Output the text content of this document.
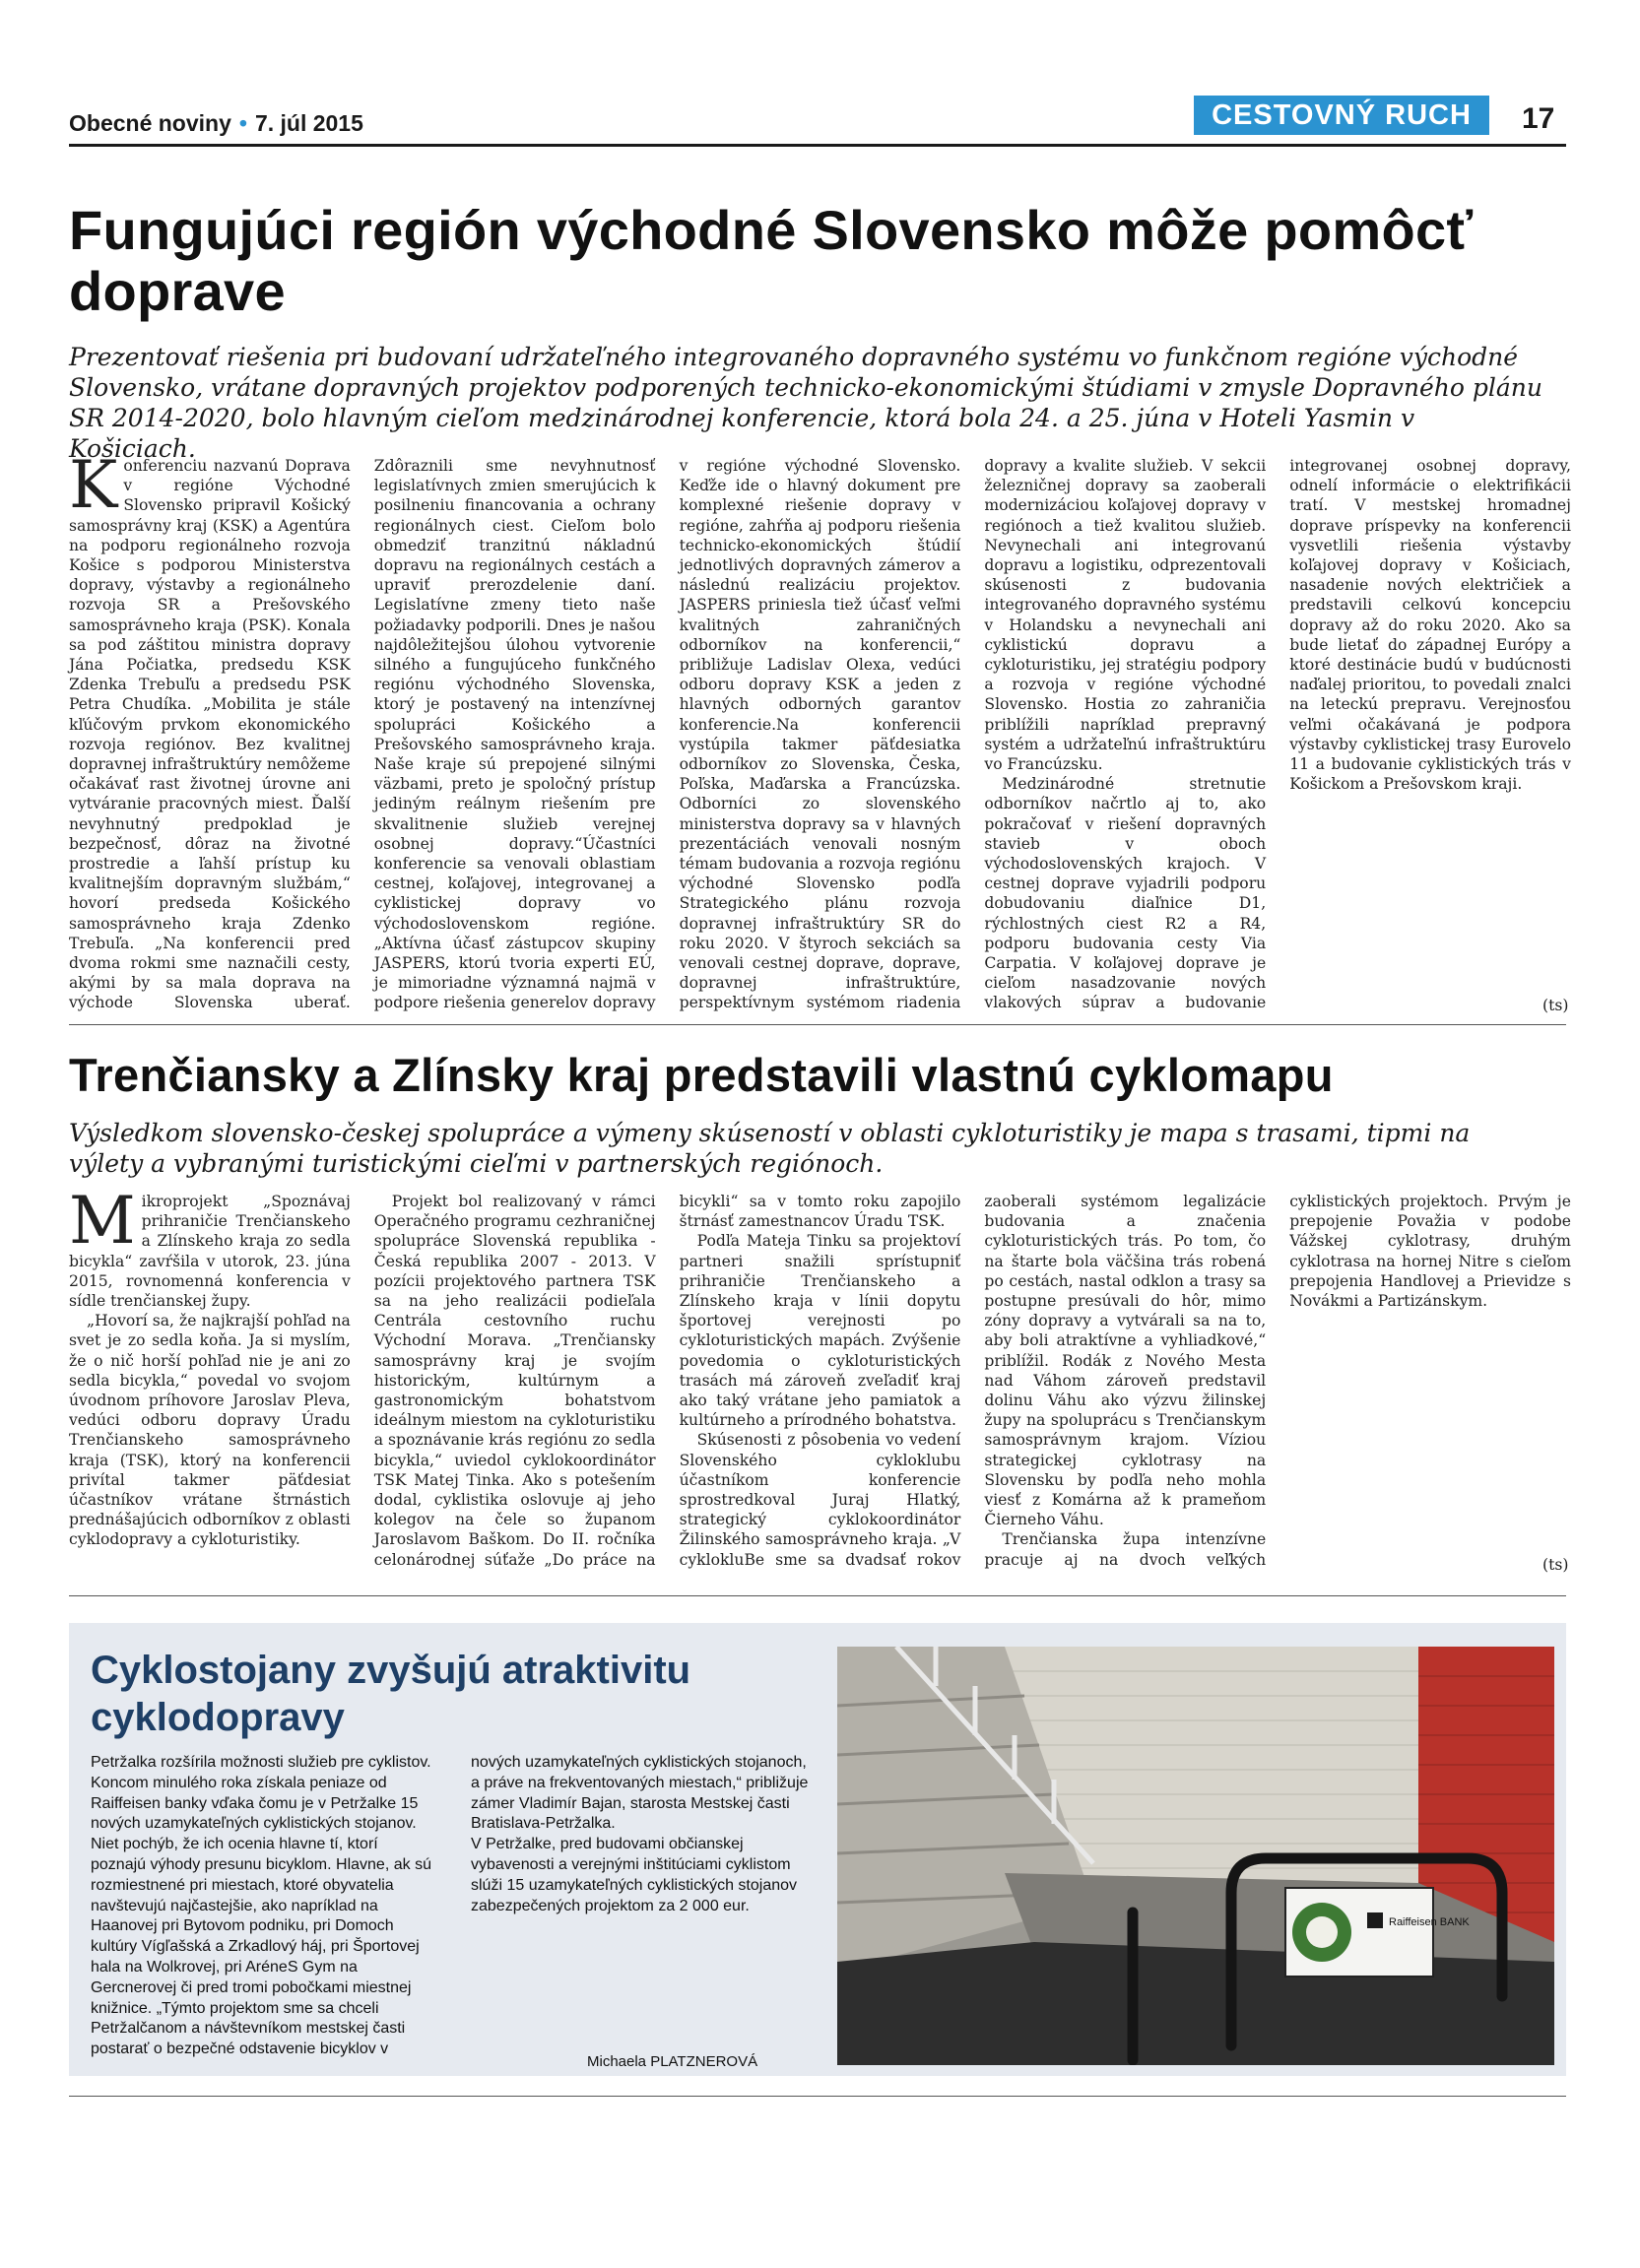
Obecné noviny • 7. júl 2015	CESTOVNÝ RUCH	17
Fungujúci región východné Slovensko môže pomôcť doprave
Prezentovať riešenia pri budovaní udržateľného integrovaného dopravného systému vo funkčnom regióne východné Slovensko, vrátane dopravných projektov podporených technicko-ekonomickými štúdiami v zmysle Dopravného plánu SR 2014-2020, bolo hlavným cieľom medzinárodnej konferencie, ktorá bola 24. a 25. júna v Hoteli Yasmin v Košiciach.

Konferenciu nazvanú Doprava v regióne Východné Slovensko pripravil Košický samosprávny kraj (KSK) a Agentúra na podporu regionálneho rozvoja Košice s podporou Ministerstva dopravy, výstavby a regionálneho rozvoja SR a Prešovského samosprávneho kraja (PSK). Konala sa pod záštitou ministra dopravy Jána Počiatka, predsedu KSK Zdenka Trebuľu a predsedu PSK Petra Chudíka. „Mobilita je stále kľúčovým prvkom ekonomického rozvoja regiónov. Bez kvalitnej dopravnej infraštruktúry nemôžeme očakávať rast životnej úrovne ani vytváranie pracovných miest. Ďalší nevyhnutný predpoklad je bezpečnosť, dôraz na životné prostredie a ľahší prístup ku kvalitnejším dopravným službám,“ hovorí predseda Košického samosprávneho kraja Zdenko Trebuľa. „Na konferencii pred dvoma rokmi sme naznačili cesty, akými by sa mala doprava na východe Slovenska uberať. Zdôraznili sme nevyhnutnosť legislatívnych zmien smerujúcich k posilneniu financovania a ochrany regionálnych ciest. Cieľom bolo obmedziť tranzitnú nákladnú dopravu na regionálnych cestách a upraviť prerozdelenie daní. Legislatívne zmeny tieto naše požiadavky podporili. Dnes je našou najdôležitejšou úlohou vytvorenie silného a fungujúceho funkčného regiónu východného Slovenska, ktorý je postavený na intenzívnej spolupráci Košického a Prešovského samosprávneho kraja. Naše kraje sú prepojené silnými väzbami, preto je spoločný prístup jediným reálnym riešením pre skvalitnenie služieb verejnej osobnej dopravy.“Účastníci konferencie sa venovali oblastiam cestnej, koľajovej, integrovanej a cyklistickej dopravy vo východoslovenskom regióne. „Aktívna účasť zástupcov skupiny JASPERS, ktorú tvoria experti EÚ, je mimoriadne významná najmä v podpore riešenia generelov dopravy v regióne východné Slovensko. Keďže ide o hlavný dokument pre komplexné riešenie dopravy v regióne, zahŕňa aj podporu riešenia technicko-ekonomických štúdií jednotlivých dopravných zámerov a následnú realizáciu projektov. JASPERS priniesla tiež účasť veľmi kvalitných zahraničných odborníkov na konferencii,“ približuje Ladislav Olexa, vedúci odboru dopravy KSK a jeden z hlavných odborných garantov konferencie.Na konferencii vystúpila takmer päťdesiatka odborníkov zo Slovenska, Česka, Poľska, Maďarska a Francúzska. Odborníci zo slovenského ministerstva dopravy sa v hlavných prezentáciách venovali nosným témam budovania a rozvoja regiónu východné Slovensko podľa Strategického plánu rozvoja dopravnej infraštruktúry SR do roku 2020. V štyroch sekciách sa venovali cestnej doprave, doprave, dopravnej infraštruktúre, perspektívnym systémom riadenia dopravy a kvalite služieb. V sekcii železničnej dopravy sa zaoberali modernizáciou koľajovej dopravy v regiónoch a tiež kvalitou služieb. Nevynechali ani integrovanú dopravu a logistiku, odprezentovali skúsenosti z budovania integrovaného dopravného systému v Holandsku a nevynechali ani cyklistickú dopravu a cykloturistiku, jej stratégiu podpory a rozvoja v regióne východné Slovensko. Hostia zo zahraničia priblížili napríklad prepravný systém a udržateľnú infraštruktúru vo Francúzsku.

Medzinárodné stretnutie odborníkov načrtlo aj to, ako pokračovať v riešení dopravných stavieb v oboch východoslovenských krajoch. V cestnej doprave vyjadrili podporu dobudovaniu diaľnice D1, rýchlostných ciest R2 a R4, podporu budovania cesty Via Carpatia. V koľajovej doprave je cieľom nasadzovanie nových vlakových súprav a budovanie integrovanej osobnej dopravy, odnelí informácie o elektrifikácii tratí. V mestskej hromadnej doprave príspevky na konferencii vysvetlili riešenia výstavby koľajovej dopravy v Košiciach, nasadenie nových električiek a predstavili celkovú koncepciu dopravy až do roku 2020. Ako sa bude lietať do západnej Európy a ktoré destinácie budú v budúcnosti naďalej prioritou, to povedali znalci na leteckú prepravu. Verejnosťou veľmi očakávaná je podpora výstavby cyklistickej trasy Eurovelo 11 a budovanie cyklistických trás v Košickom a Prešovskom kraji.

(ts)
Trenčiansky a Zlínsky kraj predstavili vlastnú cyklomapu
Výsledkom slovensko-českej spolupráce a výmeny skúseností v oblasti cykloturistiky je mapa s trasami, tipmi na výlety a vybranými turistickými cieľmi v partnerských regiónoch.

Mikroprojekt „Spoznávaj prihraničie Trenčianskeho a Zlínskeho kraja zo sedla bicykla“ zavŕšila v utorok, 23. júna 2015, rovnomenná konferencia v sídle trenčianskej župy.

„Hovorí sa, že najkrajší pohľad na svet je zo sedla koňa. Ja si myslím, že o nič horší pohľad nie je ani zo sedla bicykla,“ povedal vo svojom úvodnom príhovore Jaroslav Pleva, vedúci odboru dopravy Úradu Trenčianskeho samosprávneho kraja (TSK), ktorý na konferencii privítal takmer päťdesiat účastníkov vrátane štrnástich prednášajúcich odborníkov z oblasti cyklodopravy a cykloturistiky.

Projekt bol realizovaný v rámci Operačného programu cezhraničnej spolupráce Slovenská republika - Česká republika 2007 - 2013. V pozícii projektového partnera TSK sa na jeho realizácii podieľala Centrála cestovního ruchu Východní Morava. „Trenčiansky samosprávny kraj je svojím historickým, kultúrnym a gastronomickým bohatstvom ideálnym miestom na cykloturistiku a spoznávanie krás regiónu zo sedla bicykla,“ uviedol cyklokoordinátor TSK Matej Tinka. Ako s potešením dodal, cyklistika oslovuje aj jeho kolegov na čele so županom Jaroslavom Baškom. Do II. ročníka celonárodnej súťaže „Do práce na bicykli“ sa v tomto roku zapojilo štrnásť zamestnancov Úradu TSK.

Podľa Mateja Tinku sa projektoví partneri snažili sprístupniť prihraničie Trenčianskeho a Zlínskeho kraja v línii dopytu športovej verejnosti po cykloturistických mapách. Zvýšenie povedomia o cykloturistických trasách má zároveň zveľadiť kraj ako taký vrátane jeho pamiatok a kultúrneho a prírodného bohatstva.

Skúsenosti z pôsobenia vo vedení Slovenského cykloklubu účastníkom konferencie sprostredkoval Juraj Hlatký, strategický cyklokoordinátor Žilinského samosprávneho kraja. „V cyklokluBe sme sa dvadsať rokov zaoberali systémom legalizácie budovania a značenia cykloturistických trás. Po tom, čo na štarte bola väčšina trás robená po cestách, nastal odklon a trasy sa postupne presúvali do hôr, mimo zóny dopravy a vytvárali sa na to, aby boli atraktívne a vyhliadkové,“ priblížil. Rodák z Nového Mesta nad Váhom zároveň predstavil dolinu Váhu ako výzvu žilinskej župy na spoluprácu s Trenčianskym samosprávnym krajom. Víziou strategickej cyklotrasy na Slovensku by podľa neho mohla viesť z Komárna až k prameňom Čierneho Váhu.

Trenčianska župa intenzívne pracuje aj na dvoch veľkých cyklistických projektoch. Prvým je prepojenie Považia v podobe Vážskej cyklotrasy, druhým cyklotrasa na hornej Nitre s cieľom prepojenia Handlovej a Prievidze s Novákmi a Partizánskym.

(ts)
Cyklostojany zvyšujú atraktivitu cyklodopravy

Petržalka rozšírila možnosti služieb pre cyklistov. Koncom minulého roka získala peniaze od Raiffeisen banky vďaka čomu je v Petržalke 15 nových uzamykateľných cyklistických stojanov.

Niet pochýb, že ich ocenia hlavne tí, ktorí poznajú výhody presunu bicyklom. Hlavne, ak sú rozmiestnené pri miestach, ktoré obyvatelia navštevujú najčastejšie, ako napríklad na Haanovej pri Bytovom podniku, pri Domoch kultúry Vígľašská a Zrkadlový háj, pri Športovej hala na Wolkrovej, pri AréneS Gym na Gercnerovej či pred tromi pobočkami miestnej knižnice. „Týmto projektom sme sa chceli Petržalčanom a návštevníkom mestskej časti postarať o bezpečné odstavenie bicyklov v nových uzamykateľných cyklistických stojanoch, a práve na frekventovaných miestach,“ približuje zámer Vladimír Bajan, starosta Mestskej časti Bratislava-Petržalka.

V Petržalke, pred budovami občianskej vybavenosti a verejnými inštitúciami cyklistom slúži 15 uzamykateľných cyklistických stojanov zabezpečených projektom za 2 000 eur.

Michaela PLATZNEROVÁ
Raiffeisen BANK
